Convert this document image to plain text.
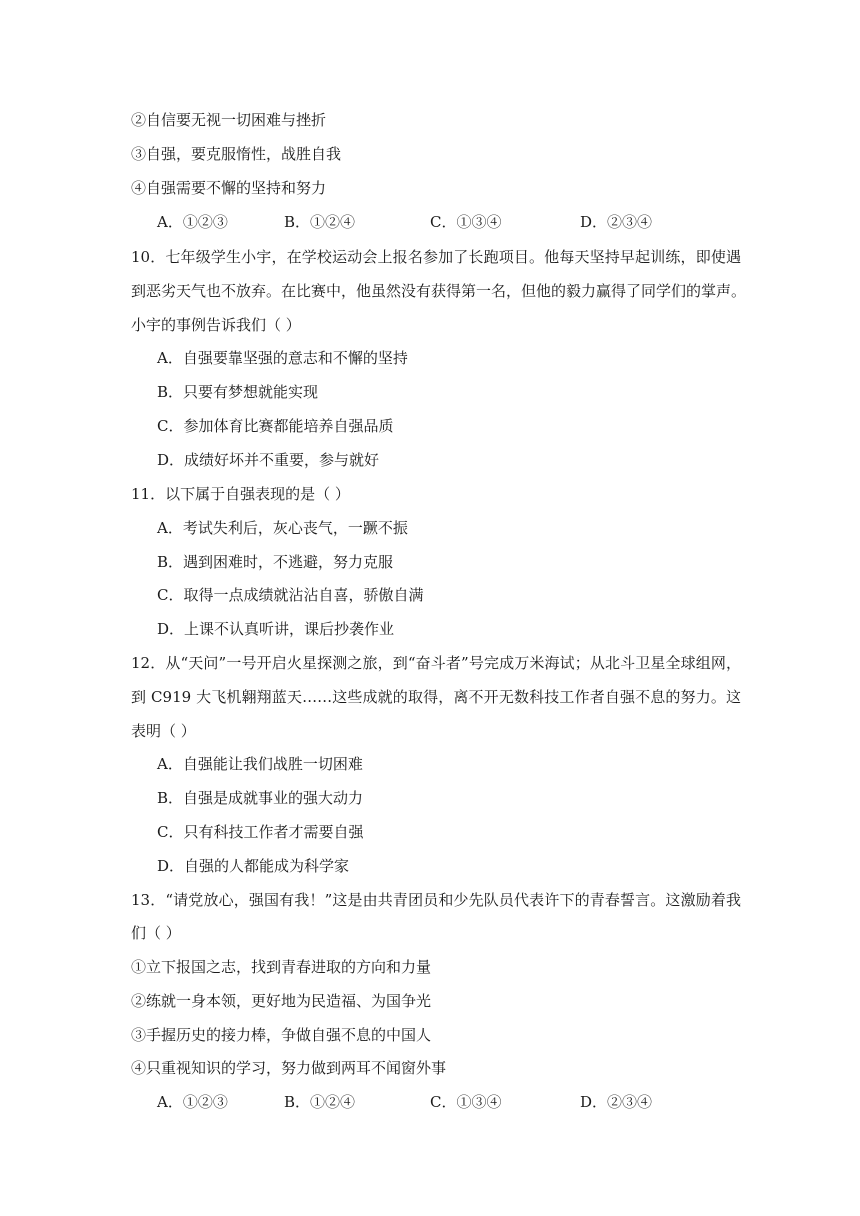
②自信要无视一切困难与挫折
③自强，要克服惰性，战胜自我
④自强需要不懈的坚持和努力
A．①②③	B．①②④	C．①③④	D．②③④
10．七年级学生小宇，在学校运动会上报名参加了长跑项目。他每天坚持早起训练，即使遇
到恶劣天气也不放弃。在比赛中，他虽然没有获得第一名，但他的毅力赢得了同学们的掌声。
小宇的事例告诉我们（ ）
A．自强要靠坚强的意志和不懈的坚持
B．只要有梦想就能实现
C．参加体育比赛都能培养自强品质
D．成绩好坏并不重要，参与就好
11．以下属于自强表现的是（ ）
A．考试失利后，灰心丧气，一蹶不振
B．遇到困难时，不逃避，努力克服
C．取得一点成绩就沾沾自喜，骄傲自满
D．上课不认真听讲，课后抄袭作业
12．从“天问”一号开启火星探测之旅，到“奋斗者”号完成万米海试；从北斗卫星全球组网，
到 C919 大飞机翱翔蓝天……这些成就的取得，离不开无数科技工作者自强不息的努力。这
表明（ ）
A．自强能让我们战胜一切困难
B．自强是成就事业的强大动力
C．只有科技工作者才需要自强
D．自强的人都能成为科学家
13．“请党放心，强国有我！”这是由共青团员和少先队员代表许下的青春誓言。这激励着我
们（ ）
①立下报国之志，找到青春进取的方向和力量
②练就一身本领，更好地为民造福、为国争光
③手握历史的接力棒，争做自强不息的中国人
④只重视知识的学习，努力做到两耳不闻窗外事
A．①②③	B．①②④	C．①③④	D．②③④
